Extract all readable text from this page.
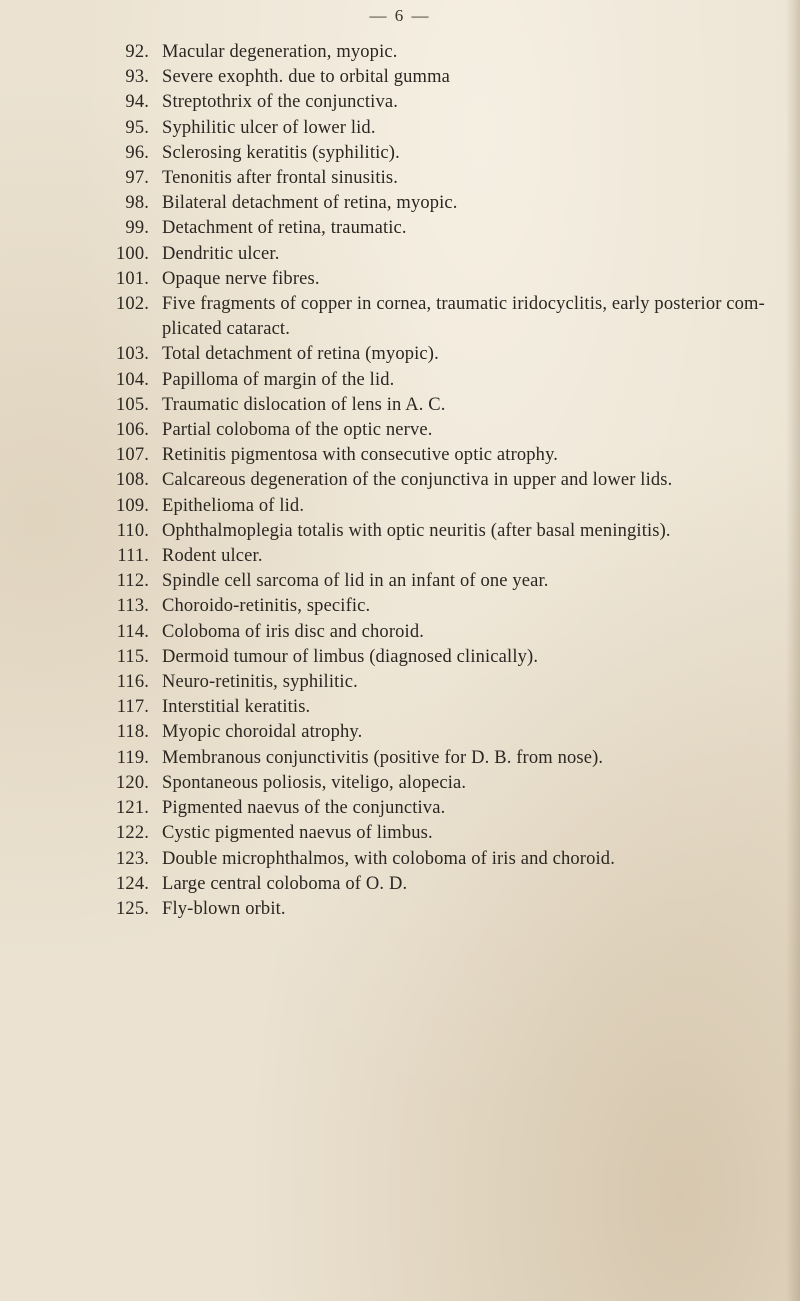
— 6 —
92. Macular degeneration, myopic.
93. Severe exophth. due to orbital gumma
94. Streptothrix of the conjunctiva.
95. Syphilitic ulcer of lower lid.
96. Sclerosing keratitis (syphilitic).
97. Tenonitis after frontal sinusitis.
98. Bilateral detachment of retina, myopic.
99. Detachment of retina, traumatic.
100. Dendritic ulcer.
101. Opaque nerve fibres.
102. Five fragments of copper in cornea, traumatic iridocyclitis, early posterior com- plicated cataract.
103. Total detachment of retina (myopic).
104. Papilloma of margin of the lid.
105. Traumatic dislocation of lens in A. C.
106. Partial coloboma of the optic nerve.
107. Retinitis pigmentosa with consecutive optic atrophy.
108. Calcareous degeneration of the conjunctiva in upper and lower lids.
109. Epithelioma of lid.
110. Ophthalmoplegia totalis with optic neuritis (after basal meningitis).
111. Rodent ulcer.
112. Spindle cell sarcoma of lid in an infant of one year.
113. Choroido-retinitis, specific.
114. Coloboma of iris disc and choroid.
115. Dermoid tumour of limbus (diagnosed clinically).
116. Neuro-retinitis, syphilitic.
117. Interstitial keratitis.
118. Myopic choroidal atrophy.
119. Membranous conjunctivitis (positive for D. B. from nose).
120. Spontaneous poliosis, viteligo, alopecia.
121. Pigmented naevus of the conjunctiva.
122. Cystic pigmented naevus of limbus.
123. Double microphthalmos, with coloboma of iris and choroid.
124. Large central coloboma of O. D.
125. Fly-blown orbit.
